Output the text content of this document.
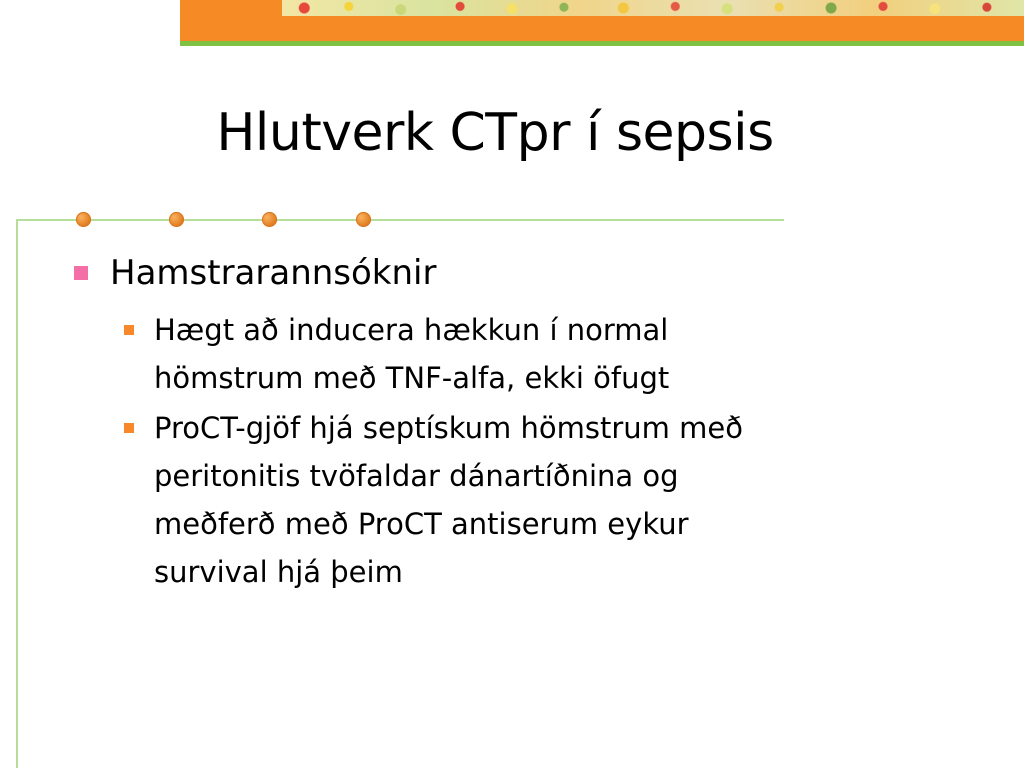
Hlutverk CTpr í sepsis
Hamstrarannsóknir
Hægt að inducera hækkun í normal
hömstrum með TNF-alfa, ekki öfugt
ProCT-gjöf hjá septískum hömstrum með
peritonitis tvöfaldar dánartíðnina og
meðferð með ProCT antiserum eykur
survival hjá þeim
